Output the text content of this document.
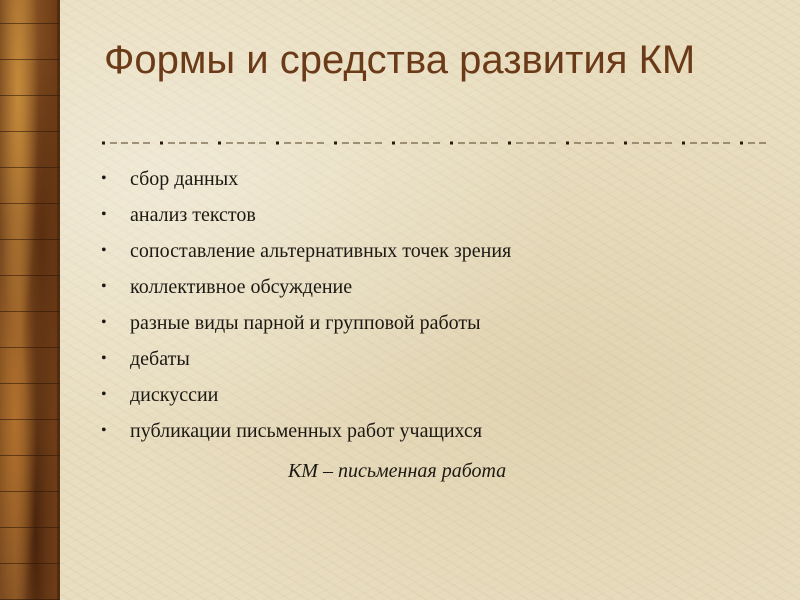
Формы и средства развития КМ
•	сбор данных
•	анализ текстов
•	сопоставление альтернативных точек зрения
•	коллективное обсуждение
•	разные виды парной и групповой работы
•	дебаты
•	дискуссии
•	публикации письменных работ учащихся
КМ – письменная работа
